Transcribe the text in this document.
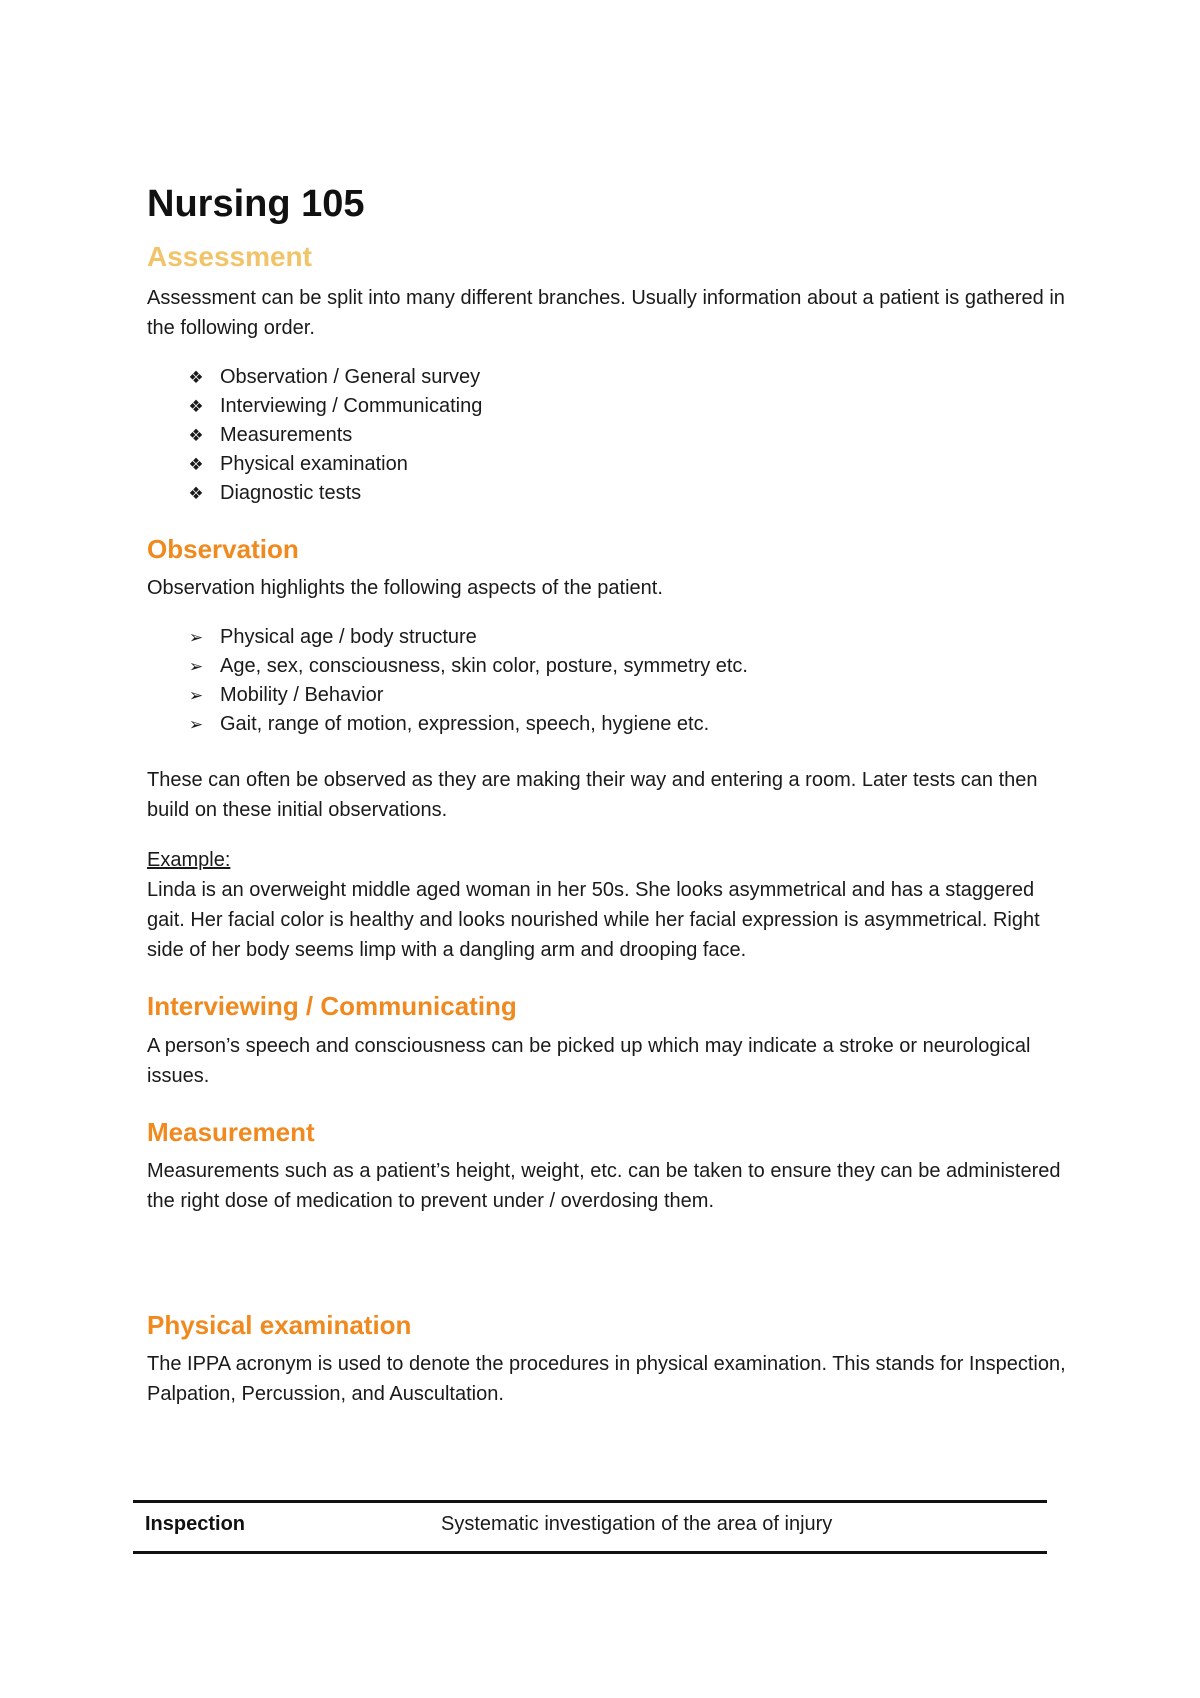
Nursing 105
Assessment

Assessment can be split into many different branches. Usually information about a patient is gathered in the following order.

❖ Observation / General survey
❖ Interviewing / Communicating
❖ Measurements
❖ Physical examination
❖ Diagnostic tests
Observation

Observation highlights the following aspects of the patient.

➢ Physical age / body structure
➢ Age, sex, consciousness, skin color, posture, symmetry etc.
➢ Mobility / Behavior
➢ Gait, range of motion, expression, speech, hygiene etc.

These can often be observed as they are making their way and entering a room. Later tests can then build on these initial observations.

Example:

Linda is an overweight middle aged woman in her 50s. She looks asymmetrical and has a staggered gait. Her facial color is healthy and looks nourished while her facial expression is asymmetrical. Right side of her body seems limp with a dangling arm and drooping face.

Interviewing / Communicating

A person’s speech and consciousness can be picked up which may indicate a stroke or neurological issues.

Measurement

Measurements such as a patient’s height, weight, etc. can be taken to ensure they can be administered the right dose of medication to prevent under / overdosing them.

Physical examination

The IPPA acronym is used to denote the procedures in physical examination. This stands for Inspection, Palpation, Percussion, and Auscultation.

Inspection	Systematic investigation of the area of injury
